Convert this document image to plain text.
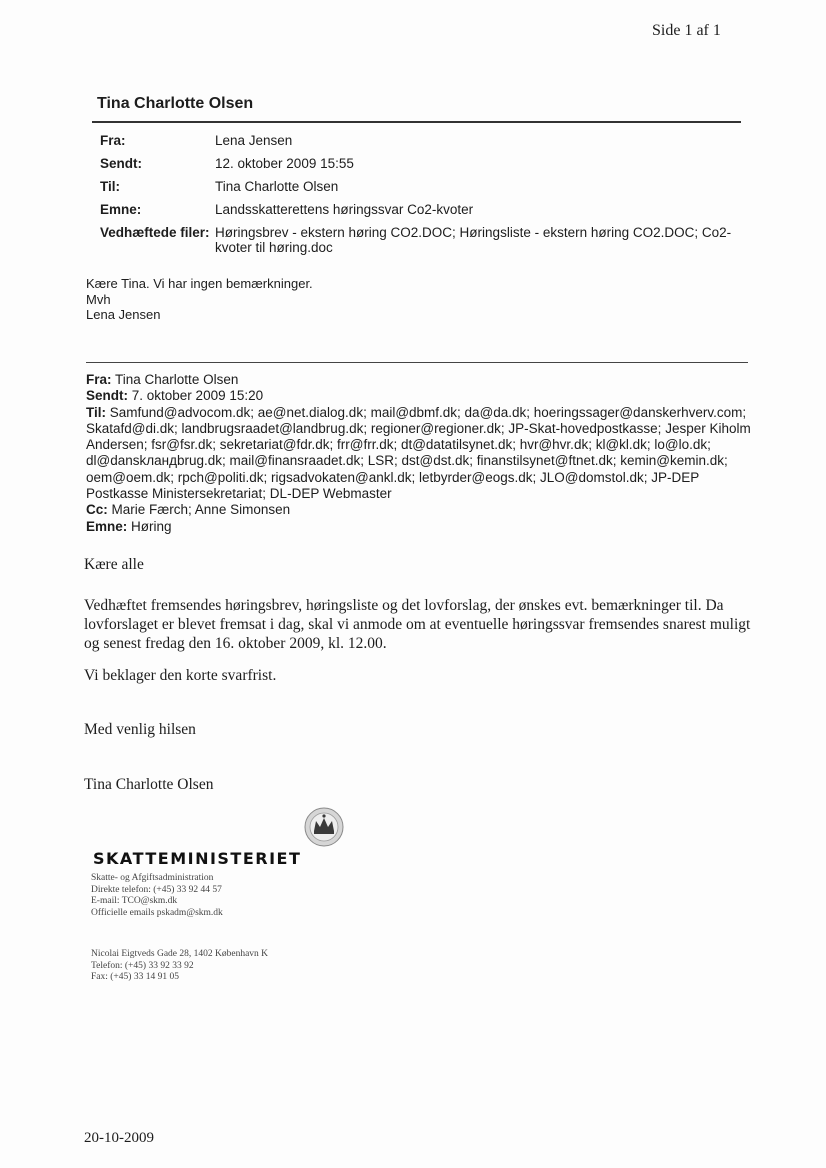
Side 1 af 1
Tina Charlotte Olsen
Fra:	Lena Jensen
Sendt:	12. oktober 2009 15:55
Til:	Tina Charlotte Olsen
Emne:	Landsskatterettens høringssvar Co2-kvoter
Vedhæftede filer: Høringsbrev - ekstern høring CO2.DOC; Høringsliste - ekstern høring CO2.DOC; Co2-kvoter til høring.doc
Kære Tina. Vi har ingen bemærkninger.
Mvh
Lena Jensen
Fra: Tina Charlotte Olsen
Sendt: 7. oktober 2009 15:20
Til: Samfund@advocom.dk; ae@net.dialog.dk; mail@dbmf.dk; da@da.dk; hoeringssager@danskerhverv.com; Skatafd@di.dk; landbrugsraadet@landbrug.dk; regioner@regioner.dk; JP-Skat-hovedpostkasse; Jesper Kiholm Andersen; fsr@fsr.dk; sekretariat@fdr.dk; frr@frr.dk; dt@datatilsynet.dk; hvr@hvr.dk; kl@kl.dk; lo@lo.dk; dl@danskландbrug.dk; mail@finansraadet.dk; LSR; dst@dst.dk; finanstilsynet@ftnet.dk; kemin@kemin.dk; oem@oem.dk; rpch@politi.dk; rigsadvokaten@ankl.dk; letbyrder@eogs.dk; JLO@domstol.dk; JP-DEP Postkasse Ministersekretariat; DL-DEP Webmaster
Cc: Marie Færch; Anne Simonsen
Emne: Høring
Kære alle
Vedhæftet fremsendes høringsbrev, høringsliste og det lovforslag, der ønskes evt. bemærkninger til. Da lovforslaget er blevet fremsat i dag, skal vi anmode om at eventuelle høringssvar fremsendes snarest muligt og senest fredag den 16. oktober 2009, kl. 12.00.
Vi beklager den korte svarfrist.
Med venlig hilsen
Tina Charlotte Olsen
SKATTEMINISTERIET
Skatte- og Afgiftsadministration
Direkte telefon: (+45) 33 92 44 57
E-mail: TCO@skm.dk
Officielle emails pskadm@skm.dk
Nicolai Eigtveds Gade 28, 1402 København K
Telefon: (+45) 33 92 33 92
Fax: (+45) 33 14 91 05
20-10-2009
